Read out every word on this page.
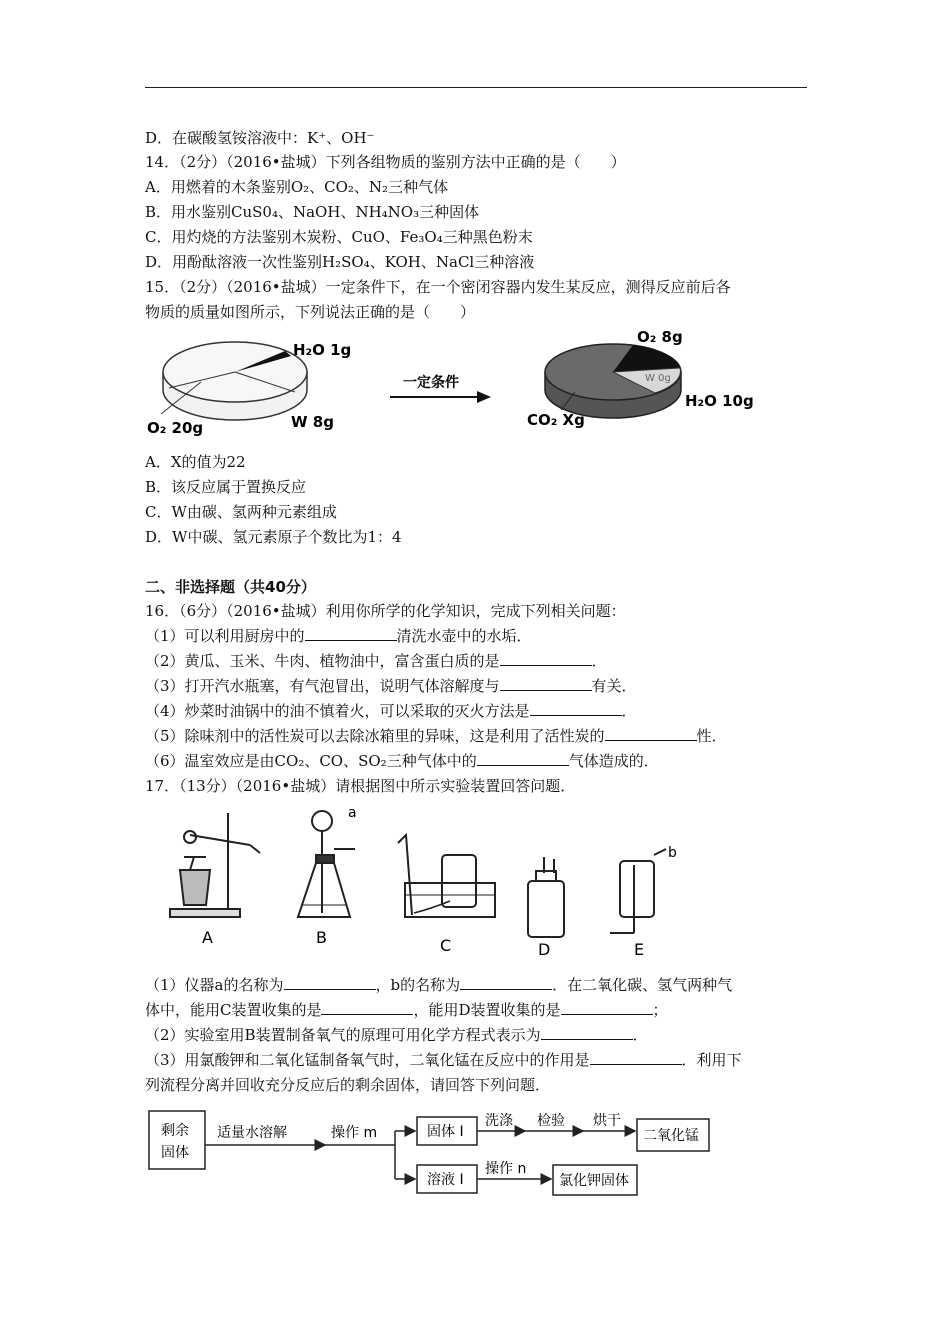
D．在碳酸氢铵溶液中：K⁺、OH⁻
14．（2分）（2016•盐城）下列各组物质的鉴别方法中正确的是（　　）
A．用燃着的木条鉴别O₂、CO₂、N₂三种气体
B．用水鉴别CuS0₄、NaOH、NH₄NO₃三种固体
C．用灼烧的方法鉴别木炭粉、CuO、Fe₃O₄三种黑色粉末
D．用酚酞溶液一次性鉴别H₂SO₄、KOH、NaCl三种溶液
15．（2分）（2016•盐城）一定条件下，在一个密闭容器内发生某反应，测得反应前后各
物质的质量如图所示，下列说法正确的是（　　）
H₂O 1g
O₂ 20g	W 8g
一定条件	W 0g
O₂ 8g
H₂O 10g
CO₂ Xg
A．X的值为22
B．该反应属于置换反应
C．W由碳、氢两种元素组成
D．W中碳、氢元素原子个数比为1：4
二、非选择题（共40分）
16．（6分）（2016•盐城）利用你所学的化学知识，完成下列相关问题：
（1）可以利用厨房中的	清洗水壶中的水垢．
（2）黄瓜、玉米、牛肉、植物油中，富含蛋白质的是	．
（3）打开汽水瓶塞，有气泡冒出，说明气体溶解度与	有关．
（4）炒菜时油锅中的油不慎着火，可以采取的灭火方法是	．
（5）除味剂中的活性炭可以去除冰箱里的异味，这是利用了活性炭的	性．
（6）温室效应是由CO₂、CO、SO₂三种气体中的	气体造成的．
17．（13分）（2016•盐城）请根据图中所示实验装置回答问题．
A
a
B	C	D
b
E
（1）仪器a的名称为	，b的名称为	．在二氧化碳、氢气两种气
体中，能用C装置收集的是	，能用D装置收集的是	；
（2）实验室用B装置制备氧气的原理可用化学方程式表示为	．
（3）用氯酸钾和二氧化锰制备氧气时，二氧化锰在反应中的作用是	．利用下
列流程分离并回收充分反应后的剩余固体，请回答下列问题．
剩余
固体
适量水溶解	操作 m	固体 I
洗涤 检验 烘干
二氧化锰
溶液 I
操作 n
氯化钾固体
